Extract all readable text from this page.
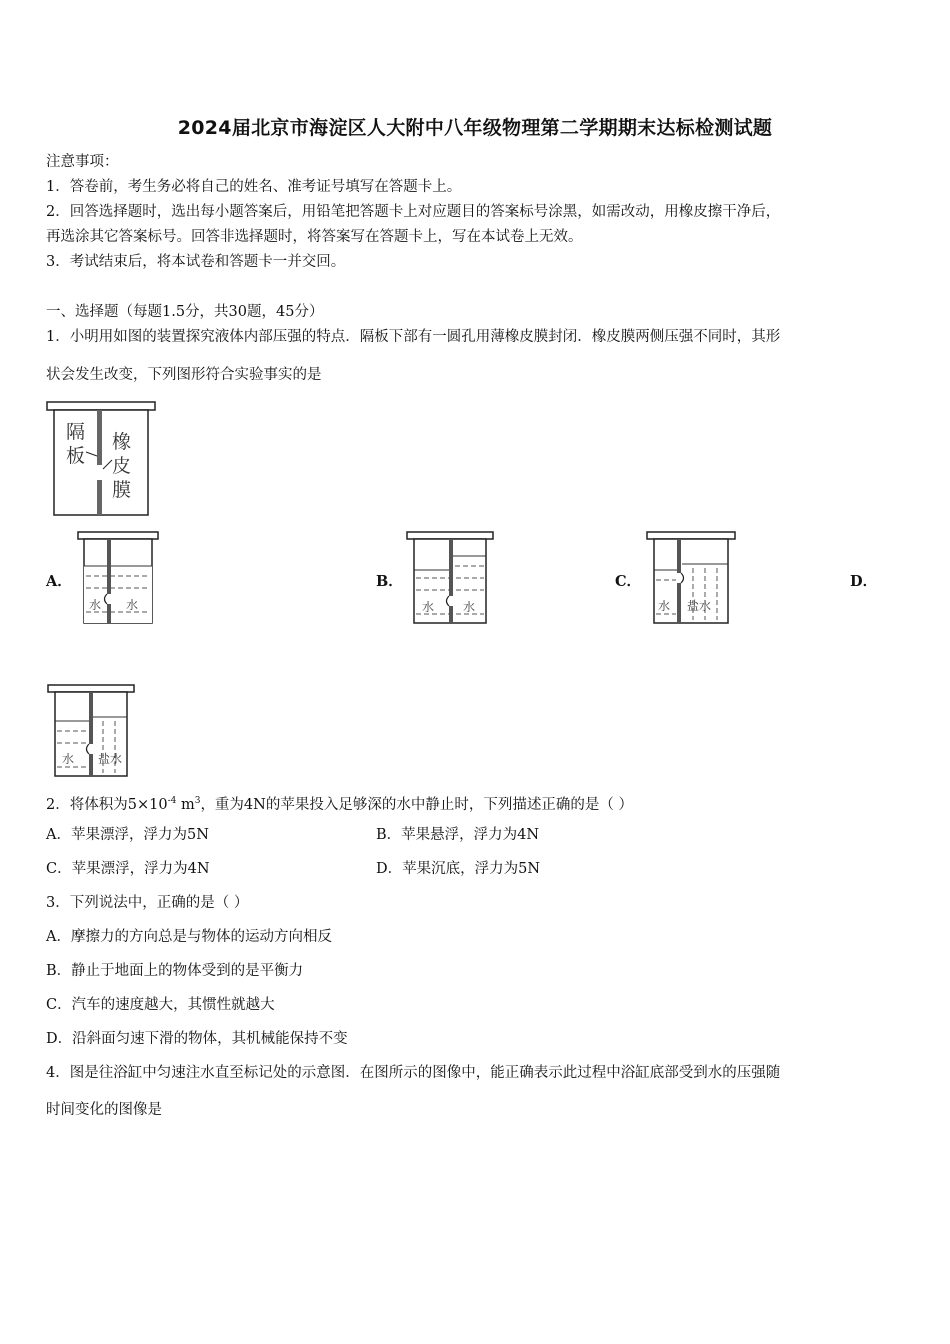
2024届北京市海淀区人大附中八年级物理第二学期期末达标检测试题
注意事项：
1．答卷前，考生务必将自己的姓名、准考证号填写在答题卡上。
2．回答选择题时，选出每小题答案后，用铅笔把答题卡上对应题目的答案标号涂黑，如需改动，用橡皮擦干净后，
再选涂其它答案标号。回答非选择题时，将答案写在答题卡上，写在本试卷上无效。
3．考试结束后，将本试卷和答题卡一并交回。
一、选择题（每题1.5分，共30题，45分）
1．小明用如图的装置探究液体内部压强的特点．隔板下部有一圆孔用薄橡皮膜封闭．橡皮膜两侧压强不同时，其形
状会发生改变，下列图形符合实验事实的是
隔
板
橡
皮
膜
A．
水 水
B．
水 水
C．
水 盐水
D．
水 盐水
2．将体积为$5\times 10^{-4}$ $m^3$，重为4N的苹果投入足够深的水中静止时，下列描述正确的是（ ）
A．苹果漂浮，浮力为5N	B．苹果悬浮，浮力为4N
C．苹果漂浮，浮力为4N	D．苹果沉底，浮力为5N
3．下列说法中，正确的是（ ）
A．摩擦力的方向总是与物体的运动方向相反
B．静止于地面上的物体受到的是平衡力
C．汽车的速度越大，其惯性就越大
D．沿斜面匀速下滑的物体，其机械能保持不变
4．图是往浴缸中匀速注水直至标记处的示意图．在图所示的图像中，能正确表示此过程中浴缸底部受到水的压强随
时间变化的图像是
